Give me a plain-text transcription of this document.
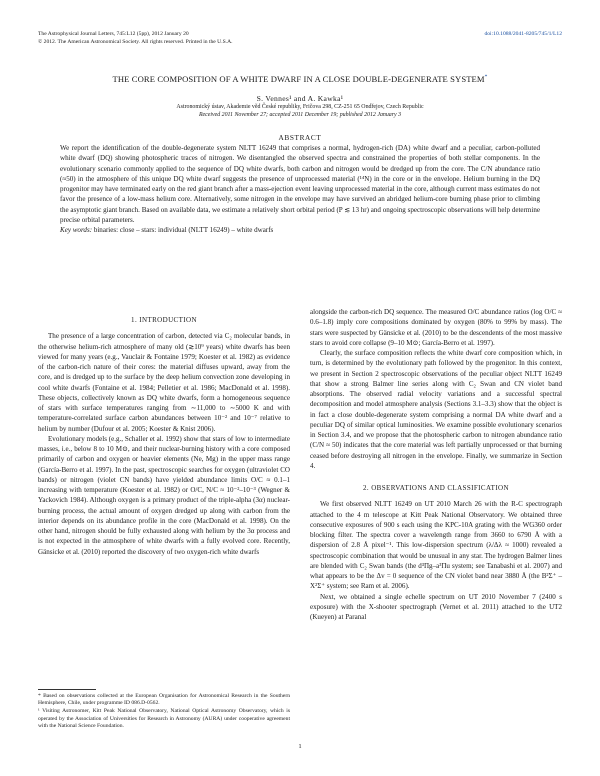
The Astrophysical Journal Letters, 745:L12 (5pp), 2012 January 20
© 2012. The American Astronomical Society. All rights reserved. Printed in the U.S.A.
doi:10.1088/2041-8205/745/1/L12
THE CORE COMPOSITION OF A WHITE DWARF IN A CLOSE DOUBLE-DEGENERATE SYSTEM*
S. Vennes¹ and A. Kawka¹
Astronomický ústav, Akademie věd České republiky, Fričova 298, CZ-251 65 Ondřejov, Czech Republic
Received 2011 November 27; accepted 2011 December 19; published 2012 January 3
ABSTRACT

We report the identification of the double-degenerate system NLTT 16249 that comprises a normal, hydrogen-rich (DA) white dwarf and a peculiar, carbon-polluted white dwarf (DQ) showing photospheric traces of nitrogen. We disentangled the observed spectra and constrained the properties of both stellar components. In the evolutionary scenario commonly applied to the sequence of DQ white dwarfs, both carbon and nitrogen would be dredged up from the core. The C/N abundance ratio (≈50) in the atmosphere of this unique DQ white dwarf suggests the presence of unprocessed material (¹⁴N) in the core or in the envelope. Helium burning in the DQ progenitor may have terminated early on the red giant branch after a mass-ejection event leaving unprocessed material in the core, although current mass estimates do not favor the presence of a low-mass helium core. Alternatively, some nitrogen in the envelope may have survived an abridged helium-core burning phase prior to climbing the asymptotic giant branch. Based on available data, we estimate a relatively short orbital period (P ≲ 13 hr) and ongoing spectroscopic observations will help determine precise orbital parameters.

Key words: binaries: close – stars: individual (NLTT 16249) – white dwarfs

1. INTRODUCTION

The presence of a large concentration of carbon, detected via C₂ molecular bands, in the otherwise helium-rich atmosphere of many old (≳10⁹ years) white dwarfs has been viewed for many years (e.g., Vauclair & Fontaine 1979; Koester et al. 1982) as evidence of the carbon-rich nature of their cores: the material diffuses upward, away from the core, and is dredged up to the surface by the deep helium convection zone developing in cool white dwarfs (Fontaine et al. 1984; Pelletier et al. 1986; MacDonald et al. 1998). These objects, collectively known as DQ white dwarfs, form a homogeneous sequence of stars with surface temperatures ranging from ∼11,000 to ∼5000 K and with temperature-correlated surface carbon abundances between 10⁻² and 10⁻⁷ relative to helium by number (Dufour et al. 2005; Koester & Knist 2006).

Evolutionary models (e.g., Schaller et al. 1992) show that stars of low to intermediate masses, i.e., below 8 to 10 M⊙, and their nuclear-burning history with a core composed primarily of carbon and oxygen or heavier elements (Ne, Mg) in the upper mass range (García-Berro et al. 1997). In the past, spectroscopic searches for oxygen (ultraviolet CO bands) or nitrogen (violet CN bands) have yielded abundance limits O/C ≈ 0.1–1 increasing with temperature (Koester et al. 1982) or O/C, N/C ≈ 10⁻²–10⁻³ (Wegner & Yackovich 1984). Although oxygen is a primary product of the triple-alpha (3α) nuclear-burning process, the actual amount of oxygen dredged up along with carbon from the interior depends on its abundance profile in the core (MacDonald et al. 1998). On the other hand, nitrogen should be fully exhausted along with helium by the 3α process and is not expected in the atmosphere of white dwarfs with a fully evolved core. Recently, Gänsicke et al. (2010) reported the discovery of two oxygen-rich white dwarfs

alongside the carbon-rich DQ sequence. The measured O/C abundance ratios (log O/C ≈ 0.6–1.8) imply core compositions dominated by oxygen (80% to 99% by mass). The stars were suspected by Gänsicke et al. (2010) to be the descendents of the most massive stars to avoid core collapse (9–10 M⊙; García-Berro et al. 1997).

Clearly, the surface composition reflects the white dwarf core composition which, in turn, is determined by the evolutionary path followed by the progenitor. In this context, we present in Section 2 spectroscopic observations of the peculiar object NLTT 16249 that show a strong Balmer line series along with C₂ Swan and CN violet band absorptions. The observed radial velocity variations and a successful spectral decomposition and model atmosphere analysis (Sections 3.1–3.3) show that the object is in fact a close double-degenerate system comprising a normal DA white dwarf and a peculiar DQ of similar optical luminosities. We examine possible evolutionary scenarios in Section 3.4, and we propose that the photospheric carbon to nitrogen abundance ratio (C/N ≈ 50) indicates that the core material was left partially unprocessed or that burning ceased before destroying all nitrogen in the envelope. Finally, we summarize in Section 4.

2. OBSERVATIONS AND CLASSIFICATION

We first observed NLTT 16249 on UT 2010 March 26 with the R-C spectrograph attached to the 4 m telescope at Kitt Peak National Observatory. We obtained three consecutive exposures of 900 s each using the KPC-10A grating with the WG360 order blocking filter. The spectra cover a wavelength range from 3660 to 6790 Å with a dispersion of 2.8 Å pixel⁻¹. This low-dispersion spectrum (λ/Δλ ≈ 1000) revealed a spectroscopic combination that would be unusual in any star. The hydrogen Balmer lines are blended with C₂ Swan bands (the d³Πg–a³Πu system; see Tanabashi et al. 2007) and what appears to be the Δv = 0 sequence of the CN violet band near 3880 Å (the B²Σ⁺ – X²Σ⁺ system; see Ram et al. 2006).

Next, we obtained a single echelle spectrum on UT 2010 November 7 (2400 s exposure) with the X-shooter spectrograph (Vernet et al. 2011) attached to the UT2 (Kueyen) at Paranal

* Based on observations collected at the European Organisation for Astronomical Research in the Southern Hemisphere, Chile, under programme ID 086.D-0562.

¹ Visiting Astronomer, Kitt Peak National Observatory, National Optical Astronomy Observatory, which is operated by the Association of Universities for Research in Astronomy (AURA) under cooperative agreement with the National Science Foundation.

1
